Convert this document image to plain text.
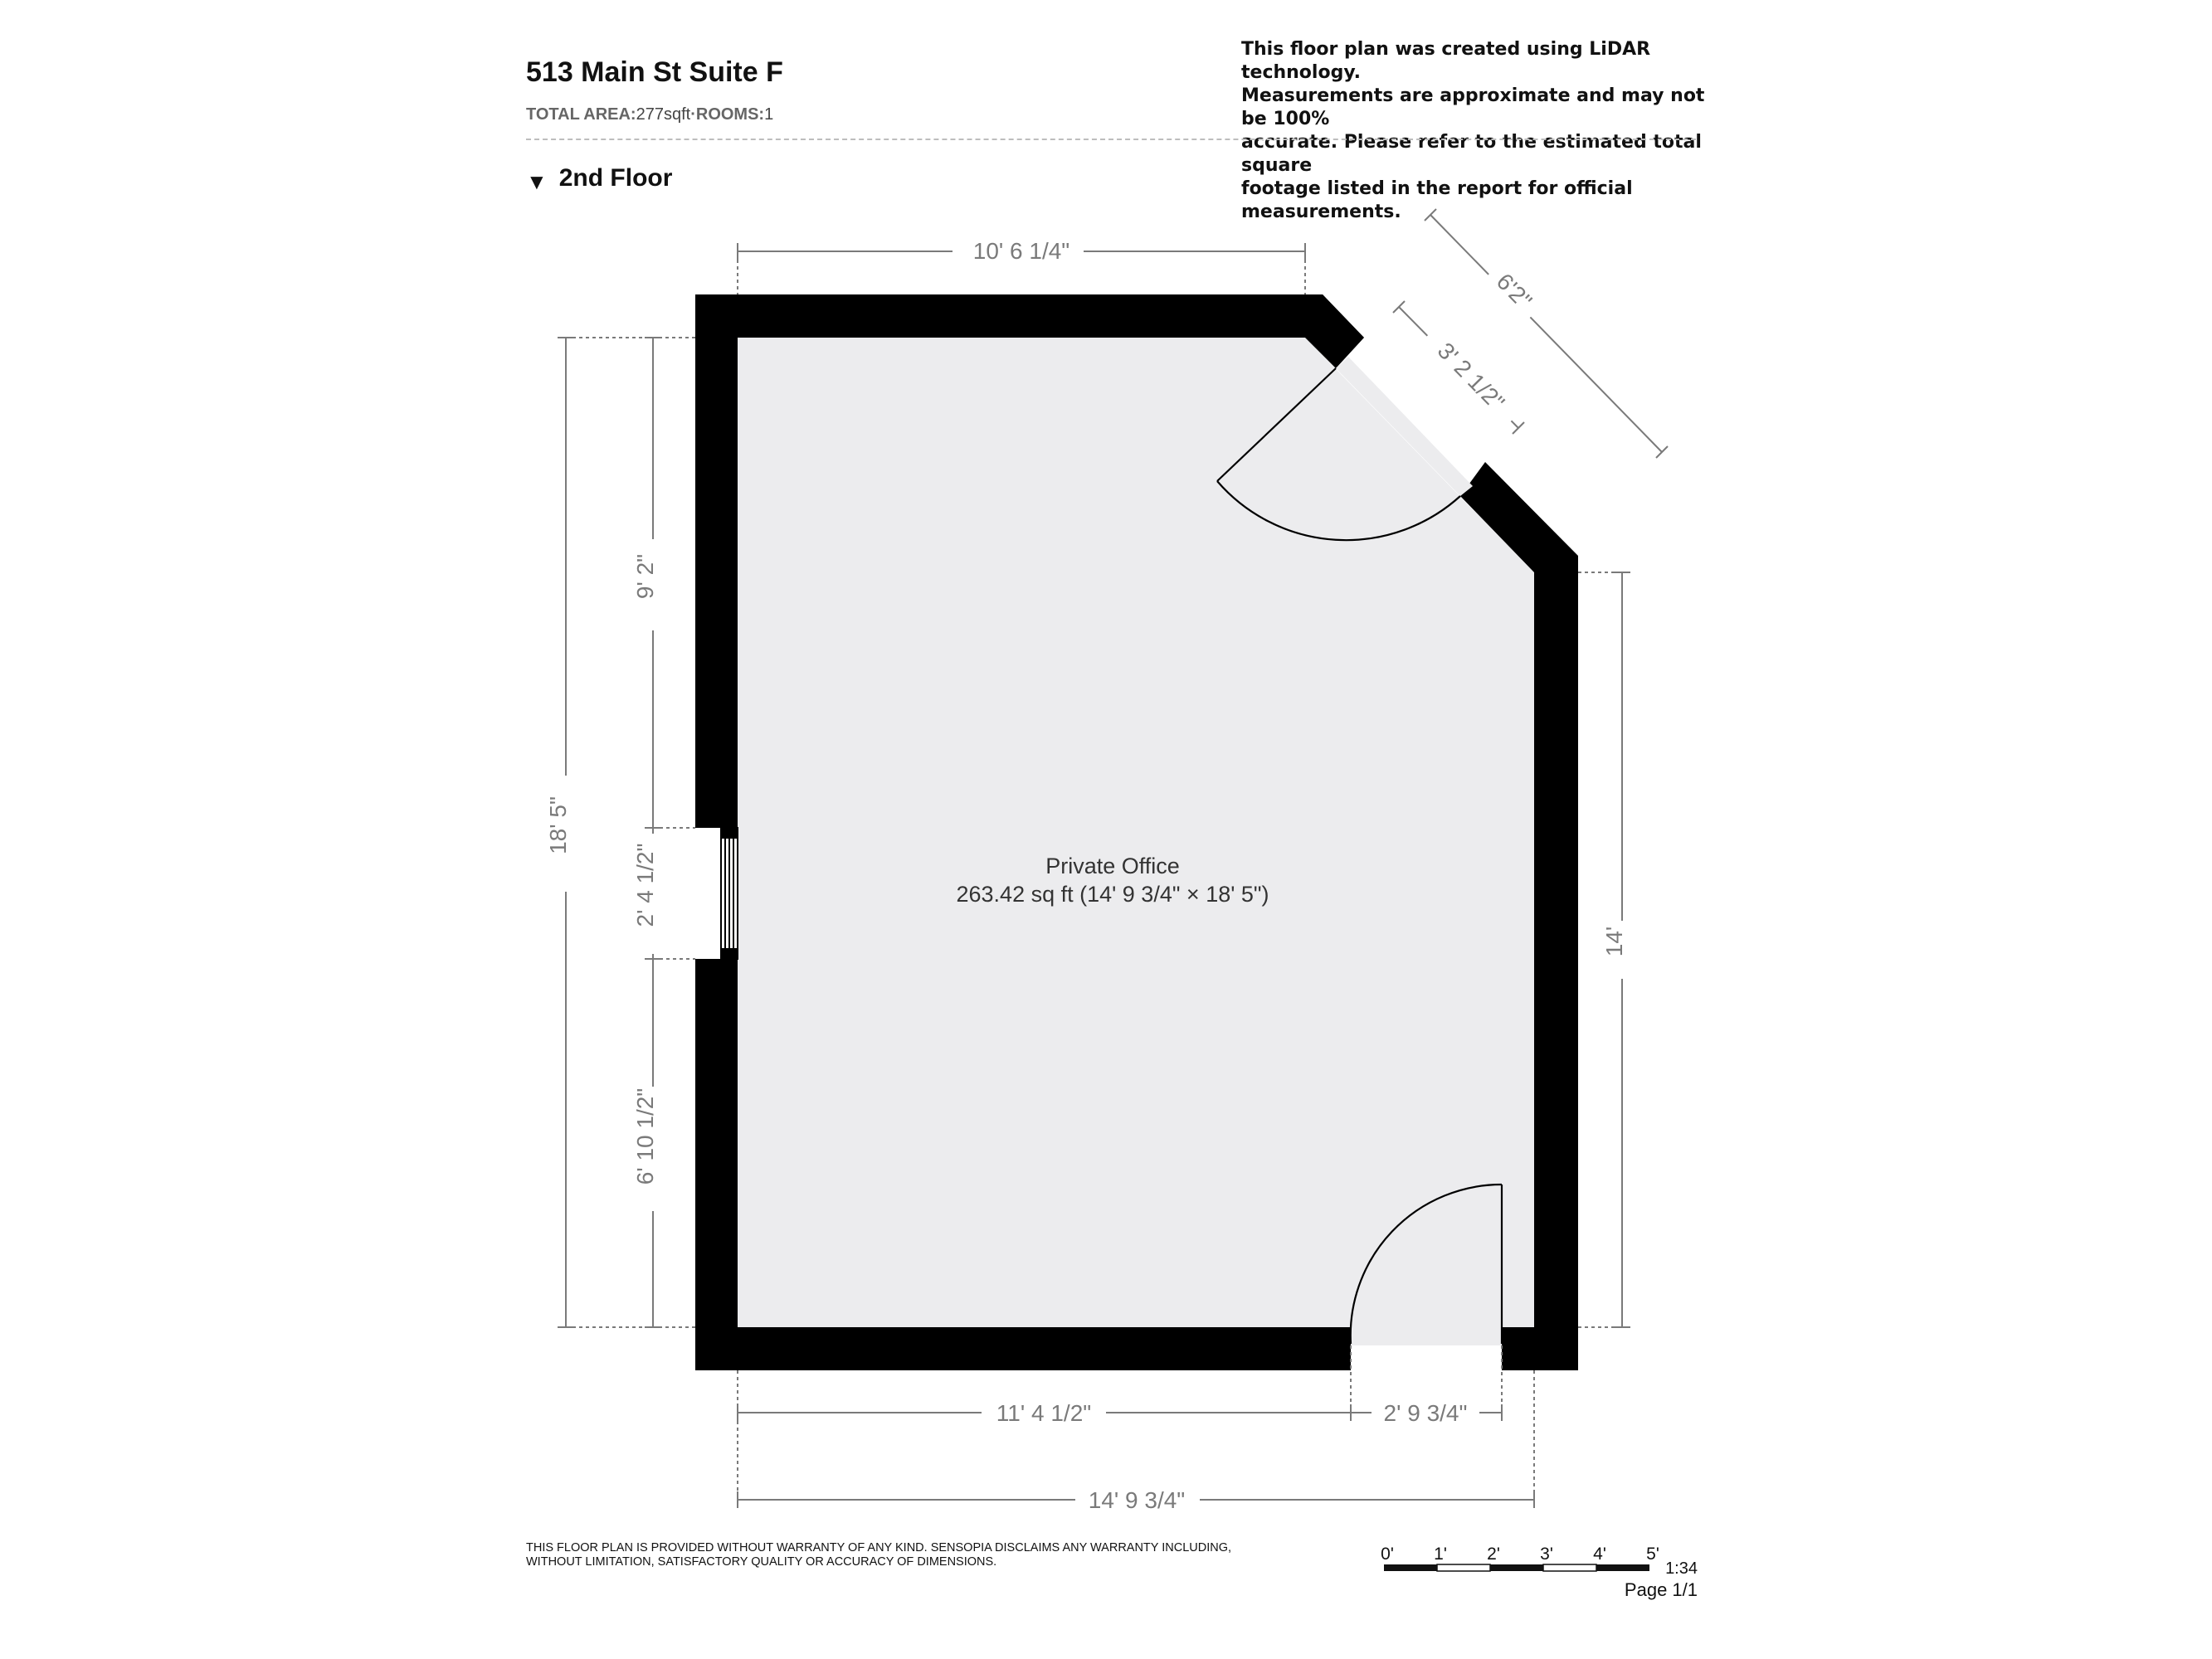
513 Main St Suite F
TOTAL AREA:277sqft·ROOMS:1
This floor plan was created using LiDAR technology.
Measurements are approximate and may not be 100%
accurate. Please refer to the estimated total square
footage listed in the report for official measurements.
▼ 2nd Floor
10' 6 1/4"
18' 5"
9' 2"
2' 4 1/2"
6' 10 1/2"
14'
11' 4 1/2"	2' 9 3/4"
14' 9 3/4"
6'2"
3' 2 1/2"
Private Office
263.42 sq ft (14' 9 3/4" × 18' 5")
0' 1' 2' 3' 4' 5'
THIS FLOOR PLAN IS PROVIDED WITHOUT WARRANTY OF ANY KIND. SENSOPIA DISCLAIMS ANY WARRANTY INCLUDING,
WITHOUT LIMITATION, SATISFACTORY QUALITY OR ACCURACY OF DIMENSIONS.	1:34
Page 1/1
